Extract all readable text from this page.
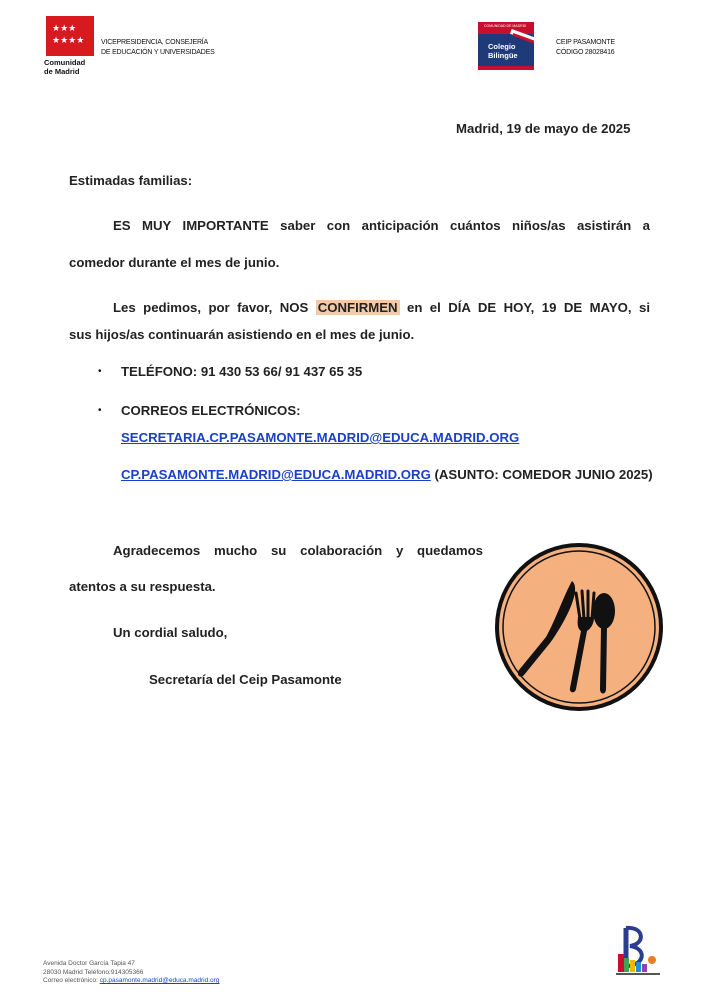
★★★
★★★★
Comunidad
de Madrid
VICEPRESIDENCIA, CONSEJERÍA
DE EDUCACIÓN Y UNIVERSIDADES
COMUNIDAD DE MADRID
Colegio
Bilingüe
CEIP PASAMONTE
CÓDIGO 28028416
Madrid, 19 de mayo de 2025
Estimadas familias:
ES MUY IMPORTANTE saber con anticipación cuántos niños/as asistirán a
comedor durante el mes de junio.
Les pedimos, por favor, NOS CONFIRMEN en el DÍA DE HOY, 19 DE MAYO, si
sus hijos/as continuarán asistiendo en el mes de junio.
• TELÉFONO: 91 430 53 66/ 91 437 65 35
• CORREOS ELECTRÓNICOS:
SECRETARIA.CP.PASAMONTE.MADRID@EDUCA.MADRID.ORG
CP.PASAMONTE.MADRID@EDUCA.MADRID.ORG (ASUNTO: COMEDOR JUNIO 2025)
Agradecemos mucho su colaboración y quedamos
atentos a su respuesta.
Un cordial saludo,
Secretaría del Ceip Pasamonte
Avenida Doctor García Tapia 47
28030 Madrid Teléfono:914305366
Correo electrónico: cp.pasamonte.madrid@educa.madrid.org
